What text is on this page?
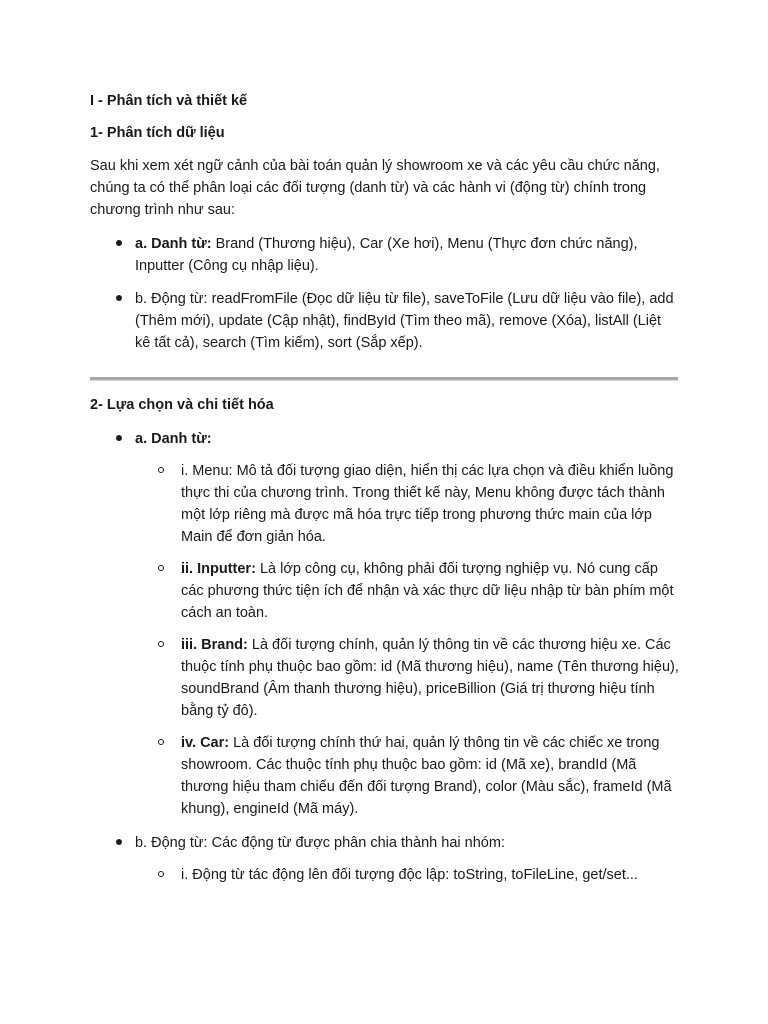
I - Phân tích và thiết kế
1- Phân tích dữ liệu

Sau khi xem xét ngữ cảnh của bài toán quản lý showroom xe và các yêu cầu chức năng, chúng ta có thể phân loại các đối tượng (danh từ) và các hành vi (động từ) chính trong chương trình như sau:

a. Danh từ: Brand (Thương hiệu), Car (Xe hơi), Menu (Thực đơn chức năng), Inputter (Công cụ nhập liệu).

b. Động từ: readFromFile (Đọc dữ liệu từ file), saveToFile (Lưu dữ liệu vào file), add (Thêm mới), update (Cập nhật), findById (Tìm theo mã), remove (Xóa), listAll (Liệt kê tất cả), search (Tìm kiếm), sort (Sắp xếp).

2- Lựa chọn và chi tiết hóa

a. Danh từ:

i. Menu: Mô tả đối tượng giao diện, hiển thị các lựa chọn và điều khiển luồng thực thi của chương trình. Trong thiết kế này, Menu không được tách thành một lớp riêng mà được mã hóa trực tiếp trong phương thức main của lớp Main để đơn giản hóa.

ii. Inputter: Là lớp công cụ, không phải đối tượng nghiệp vụ. Nó cung cấp các phương thức tiện ích để nhận và xác thực dữ liệu nhập từ bàn phím một cách an toàn.

iii. Brand: Là đối tượng chính, quản lý thông tin về các thương hiệu xe. Các thuộc tính phụ thuộc bao gồm: id (Mã thương hiệu), name (Tên thương hiệu), soundBrand (Âm thanh thương hiệu), priceBillion (Giá trị thương hiệu tính bằng tỷ đô).

iv. Car: Là đối tượng chính thứ hai, quản lý thông tin về các chiếc xe trong showroom. Các thuộc tính phụ thuộc bao gồm: id (Mã xe), brandId (Mã thương hiệu tham chiếu đến đối tượng Brand), color (Màu sắc), frameId (Mã khung), engineId (Mã máy).

b. Động từ: Các động từ được phân chia thành hai nhóm:

i. Động từ tác động lên đối tượng độc lập: toString, toFileLine, get/set...
